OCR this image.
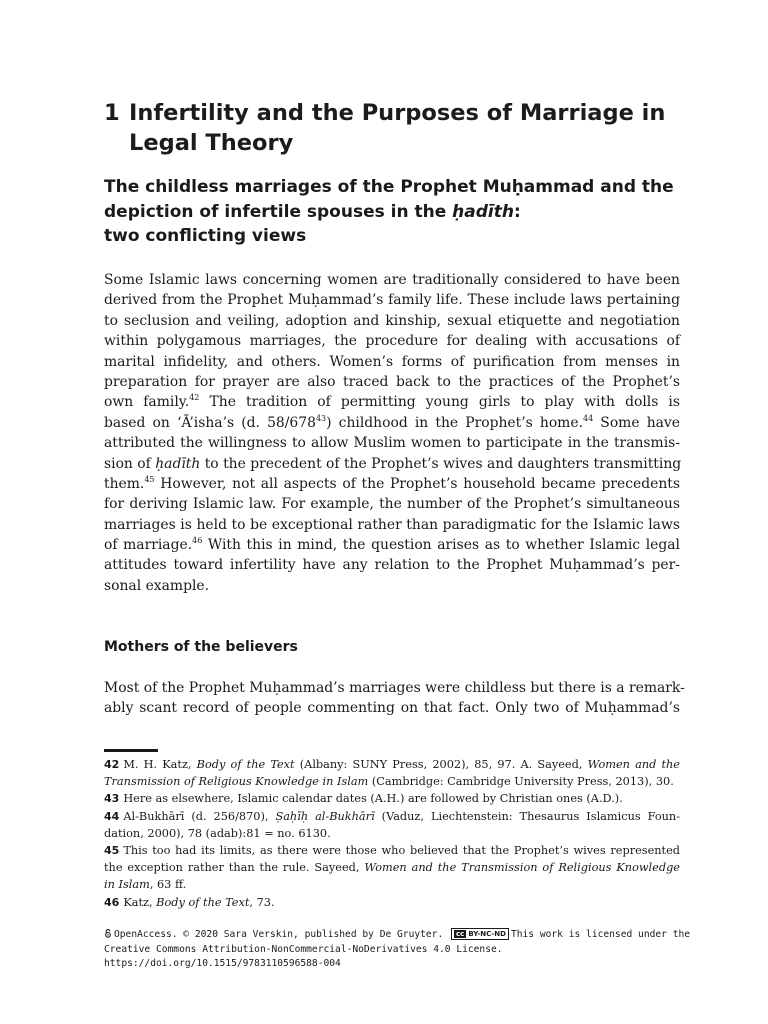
1 Infertility and the Purposes of Marriage in
Legal Theory
The childless marriages of the Prophet Muḥammad and the
depiction of infertile spouses in the ḥadīth:
two conflicting views
Some Islamic laws concerning women are traditionally considered to have been
derived from the Prophet Muḥammad’s family life. These include laws pertaining
to seclusion and veiling, adoption and kinship, sexual etiquette and negotiation
within polygamous marriages, the procedure for dealing with accusations of
marital infidelity, and others. Women’s forms of purification from menses in
preparation for prayer are also traced back to the practices of the Prophet’s
own family.$^{42}$ The tradition of permitting young girls to play with dolls is
based on ‘Ā’isha’s (d. $58/678^{43}$) childhood in the Prophet’s home.$^{44}$ Some have
attributed the willingness to allow Muslim women to participate in the transmis-
sion of ḥadīth to the precedent of the Prophet’s wives and daughters transmitting
them.$^{45}$ However, not all aspects of the Prophet’s household became precedents
for deriving Islamic law. For example, the number of the Prophet’s simultaneous
marriages is held to be exceptional rather than paradigmatic for the Islamic laws
of marriage.$^{46}$ With this in mind, the question arises as to whether Islamic legal
attitudes toward infertility have any relation to the Prophet Muḥammad’s per-
sonal example.
Mothers of the believers
Most of the Prophet Muḥammad’s marriages were childless but there is a remark-
ably scant record of people commenting on that fact. Only two of Muḥammad’s
42 M. H. Katz, Body of the Text (Albany: SUNY Press, 2002), 85, 97. A. Sayeed, Women and the
Transmission of Religious Knowledge in Islam (Cambridge: Cambridge University Press, 2013), 30.
43 Here as elsewhere, Islamic calendar dates (A.H.) are followed by Christian ones (A.D.).
44 Al-Bukhārī (d. 256/870), Ṣaḥīḥ al-Bukhārī (Vaduz, Liechtenstein: Thesaurus Islamicus Foun-
dation, 2000), 78 (adab):81 = no. 6130.
45 This too had its limits, as there were those who believed that the Prophet’s wives represented
the exception rather than the rule. Sayeed, Women and the Transmission of Religious Knowledge
in Islam, 63 ff.
46 Katz, Body of the Text, 73.
OpenAccess. © 2020 Sara Verskin, published by De Gruyter. cc BY-NC-ND This work is licensed under the
Creative Commons Attribution-NonCommercial-NoDerivatives 4.0 License.
https://doi.org/10.1515/9783110596588-004
